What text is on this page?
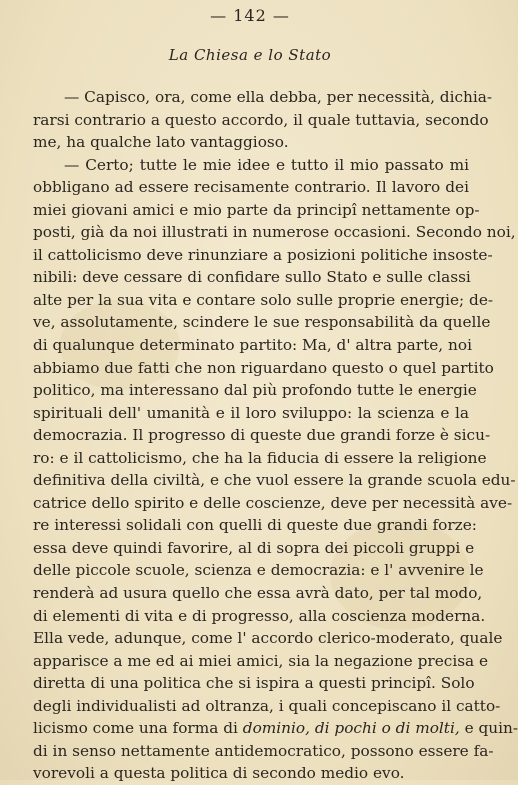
— 142 —
La Chiesa e lo Stato
— Capisco, ora, come ella debba, per necessità, dichia-
rarsi contrario a questo accordo, il quale tuttavia, secondo
me, ha qualche lato vantaggioso.
— Certo; tutte le mie idee e tutto il mio passato mi
obbligano ad essere recisamente contrario. Il lavoro dei
miei giovani amici e mio parte da principî nettamente op-
posti, già da noi illustrati in numerose occasioni. Secondo noi,
il cattolicismo deve rinunziare a posizioni politiche insoste-
nibili: deve cessare di confidare sullo Stato e sulle classi
alte per la sua vita e contare solo sulle proprie energie; de-
ve, assolutamente, scindere le sue responsabilità da quelle
di qualunque determinato partito: Ma, d' altra parte, noi
abbiamo due fatti che non riguardano questo o quel partito
politico, ma interessano dal più profondo tutte le energie
spirituali dell' umanità e il loro sviluppo: la scienza e la
democrazia. Il progresso di queste due grandi forze è sicu-
ro: e il cattolicismo, che ha la fiducia di essere la religione
definitiva della civiltà, e che vuol essere la grande scuola edu-
catrice dello spirito e delle coscienze, deve per necessità ave-
re interessi solidali con quelli di queste due grandi forze:
essa deve quindi favorire, al di sopra dei piccoli gruppi e
delle piccole scuole, scienza e democrazia: e l' avvenire le
renderà ad usura quello che essa avrà dato, per tal modo,
di elementi di vita e di progresso, alla coscienza moderna.
Ella vede, adunque, come l' accordo clerico-moderato, quale
apparisce a me ed ai miei amici, sia la negazione precisa e
diretta di una politica che si ispira a questi principî. Solo
degli individualisti ad oltranza, i quali concepiscano il catto-
licismo come una forma di dominio, di pochi o di molti, e quin-
di in senso nettamente antidemocratico, possono essere fa-
vorevoli a questa politica di secondo medio evo.
